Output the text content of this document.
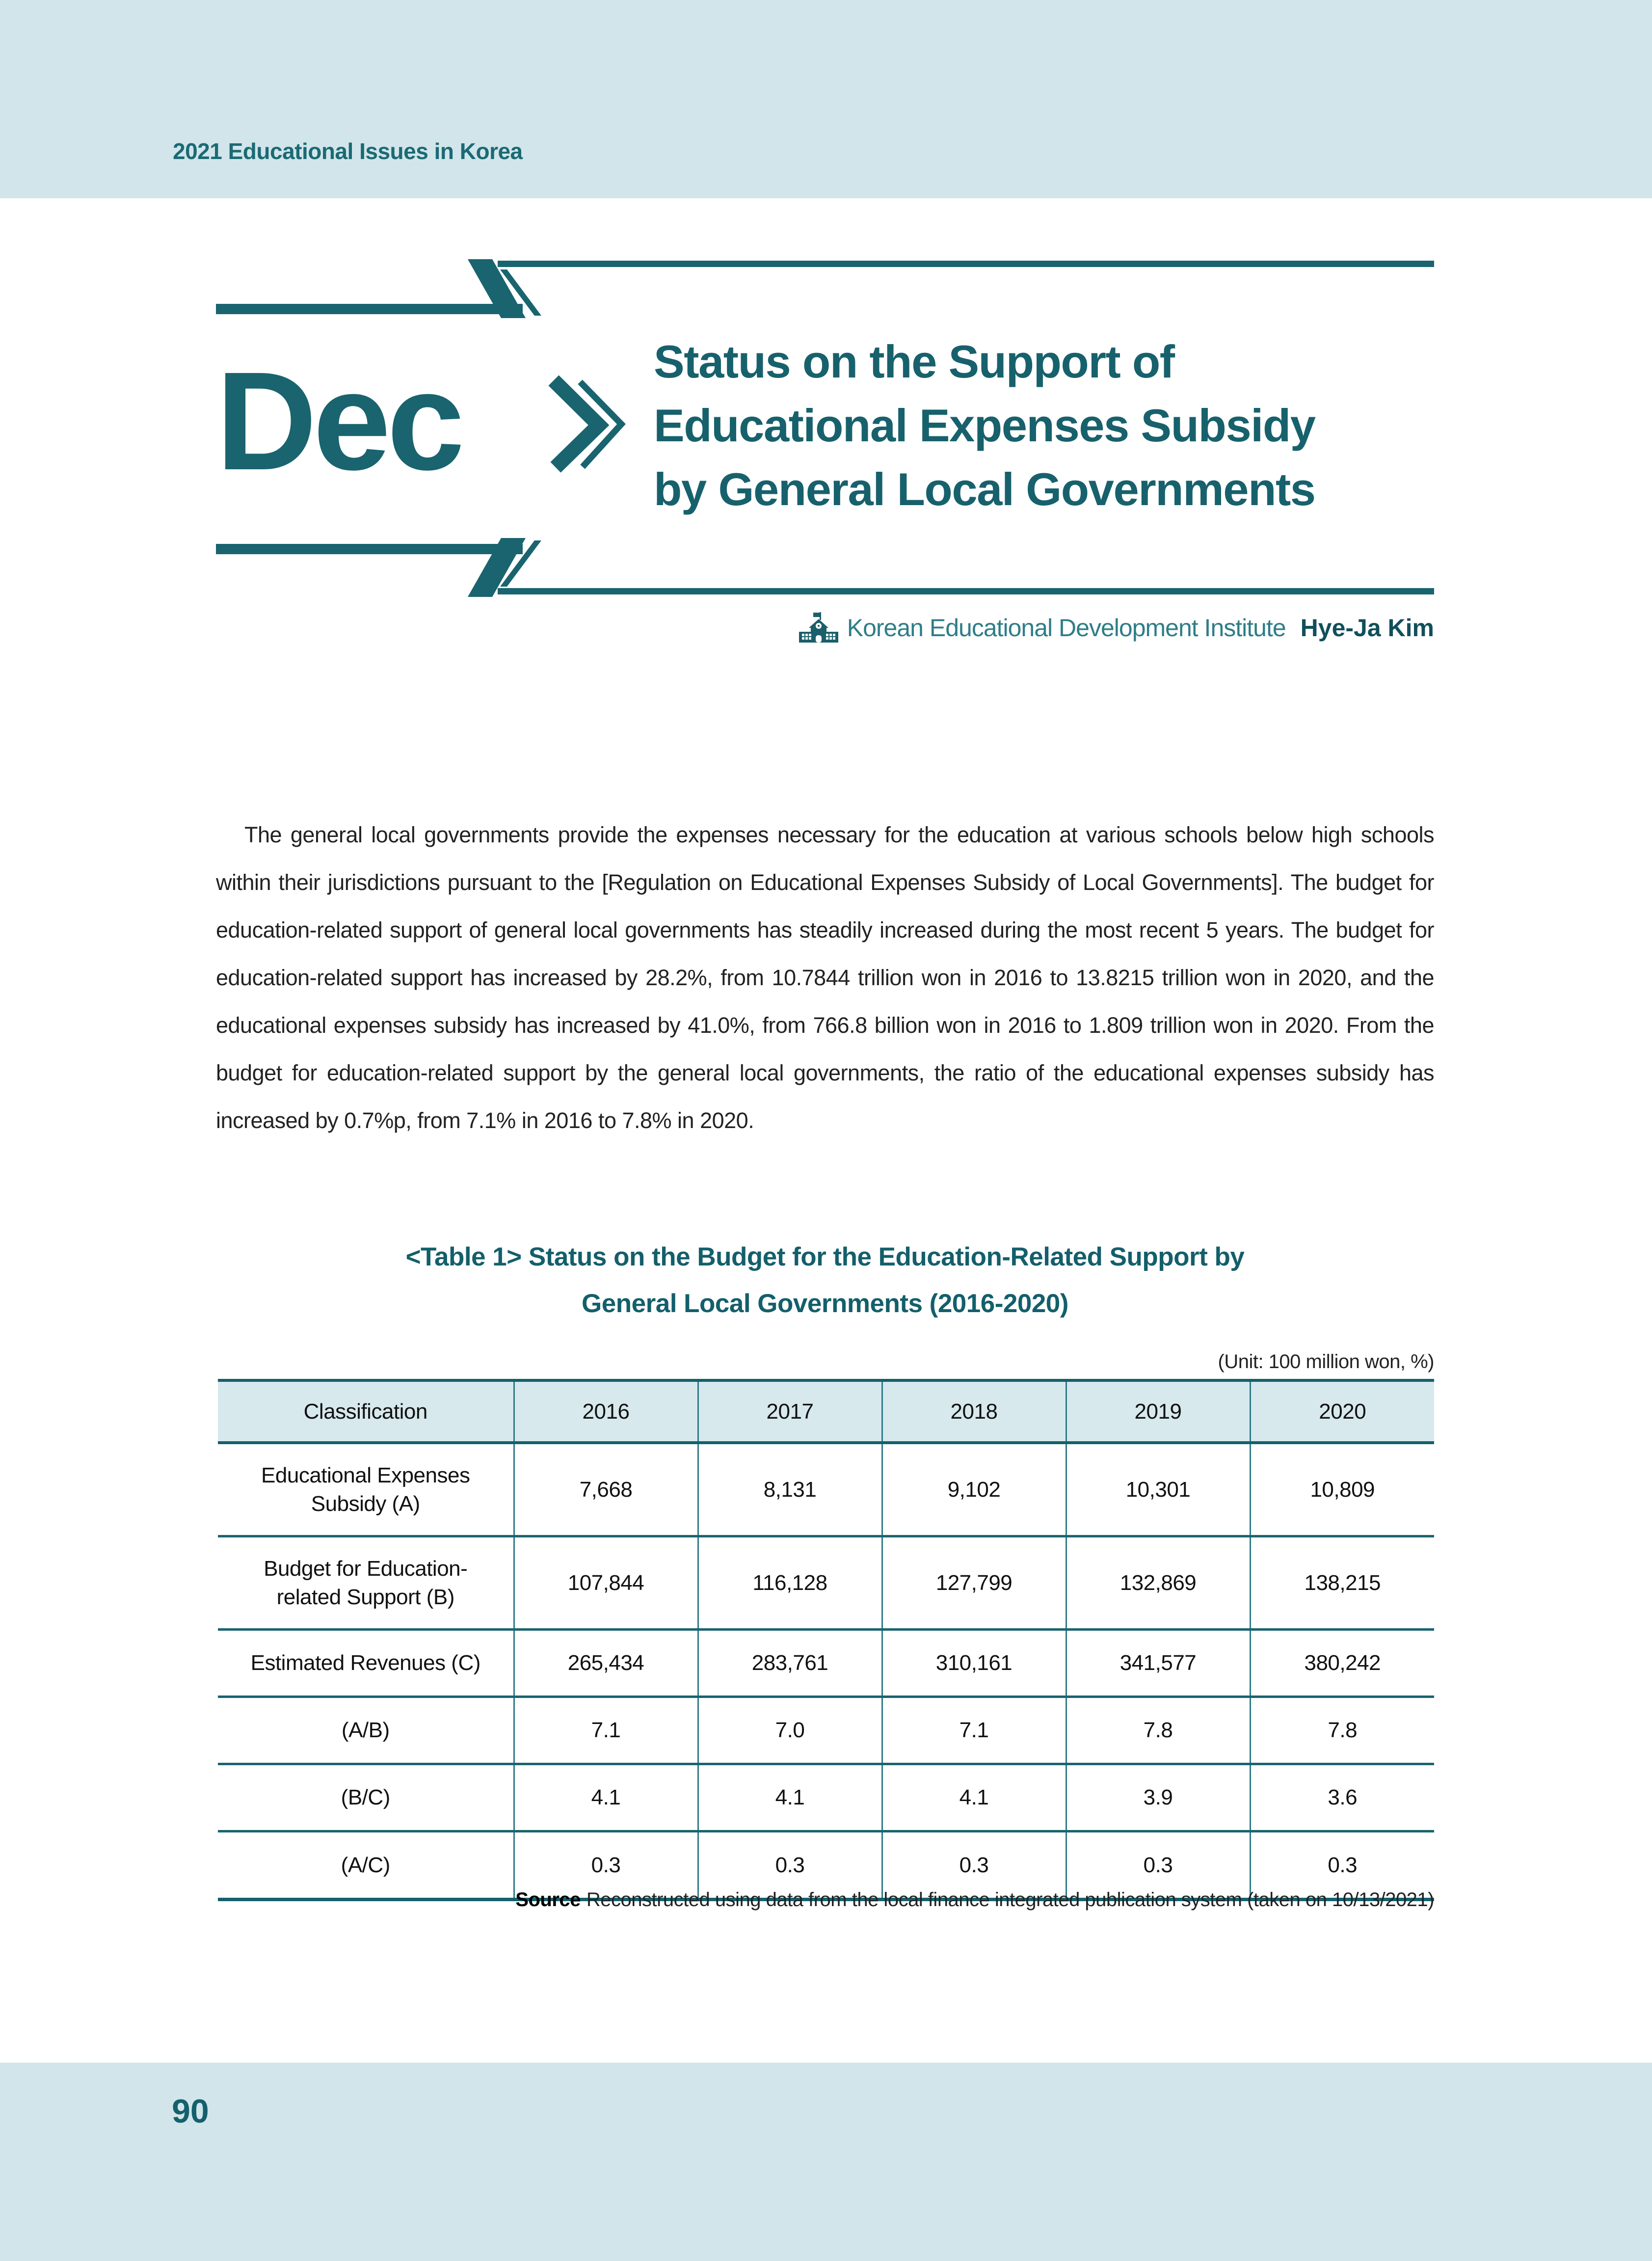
2021 Educational Issues in Korea
Dec	Status on the Support of
Educational Expenses Subsidy
by General Local Governments
Korean Educational Development Institute Hye-Ja Kim
The general local governments provide the expenses necessary for the education at various schools below high schools within their jurisdictions pursuant to the [Regulation on Educational Expenses Subsidy of Local Governments]. The budget for education-related support of general local governments has steadily increased during the most recent 5 years. The budget for education-related support has increased by 28.2%, from 10.7844 trillion won in 2016 to 13.8215 trillion won in 2020, and the educational expenses subsidy has increased by 41.0%, from 766.8 billion won in 2016 to 1.809 trillion won in 2020. From the budget for education-related support by the general local governments, the ratio of the educational expenses subsidy has increased by 0.7%p, from 7.1% in 2016 to 7.8% in 2020.
<Table 1> Status on the Budget for the Education-Related Support by
General Local Governments (2016-2020)
(Unit: 100 million won, %)
Classification	2016	2017	2018	2019	2020
Educational Expenses Subsidy (A)	7,668	8,131	9,102	10,301	10,809
Budget for Education-related Support (B)	107,844	116,128	127,799	132,869	138,215
Estimated Revenues (C)	265,434	283,761	310,161	341,577	380,242
(A/B)	7.1	7.0	7.1	7.8	7.8
(B/C)	4.1	4.1	4.1	3.9	3.6
(A/C)	0.3	0.3	0.3	0.3	0.3
Source Reconstructed using data from the local finance integrated publication system (taken on 10/13/2021)
90
